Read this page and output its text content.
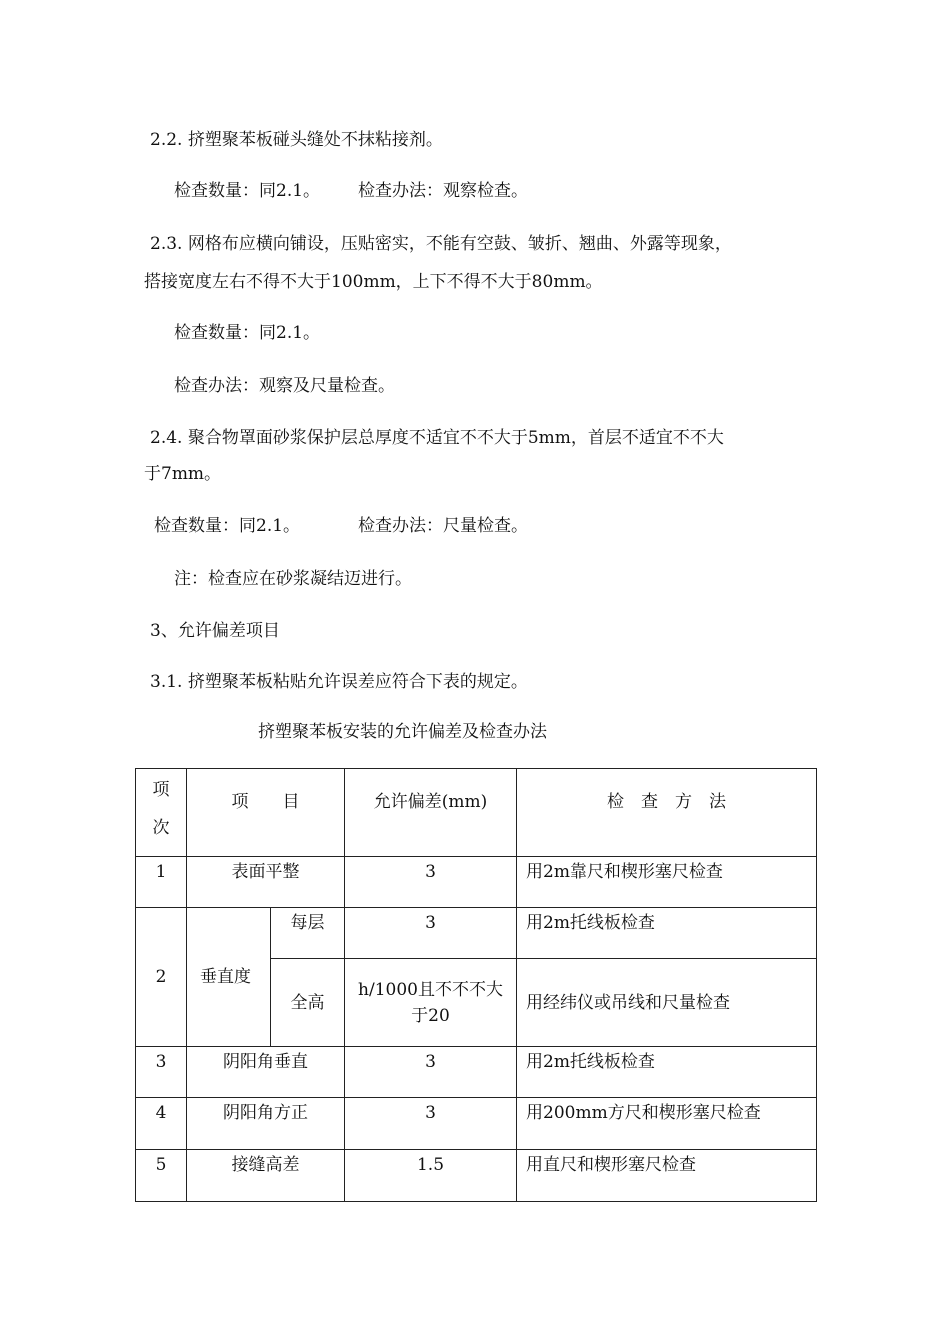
2.2. 挤塑聚苯板碰头缝处不抹粘接剂。
检查数量：同2.1。 检查办法：观察检查。
2.3. 网格布应横向铺设，压贴密实，不能有空鼓、皱折、翘曲、外露等现象，
搭接宽度左右不得不大于100mm，上下不得不大于80mm。
检查数量：同2.1。
检查办法：观察及尺量检查。
2.4. 聚合物罩面砂浆保护层总厚度不适宜不不大于5mm，首层不适宜不不大
于7mm。
检查数量：同2.1。	检查办法：尺量检查。
注：检查应在砂浆凝结迈进行。
3、允许偏差项目
3.1. 挤塑聚苯板粘贴允许误差应符合下表的规定。
挤塑聚苯板安装的允许偏差及检查办法
项次	项　　目		允许偏差(mm)	检　查　方　法
1	表面平整		3	用2m靠尺和楔形塞尺检查
2	垂直度	每层	3	用2m托线板检查
		全高	h/1000且不不不大于20	用经纬仪或吊线和尺量检查
3	阴阳角垂直		3	用2m托线板检查
4	阴阳角方正		3	用200mm方尺和楔形塞尺检查
5	接缝高差		1.5	用直尺和楔形塞尺检查
